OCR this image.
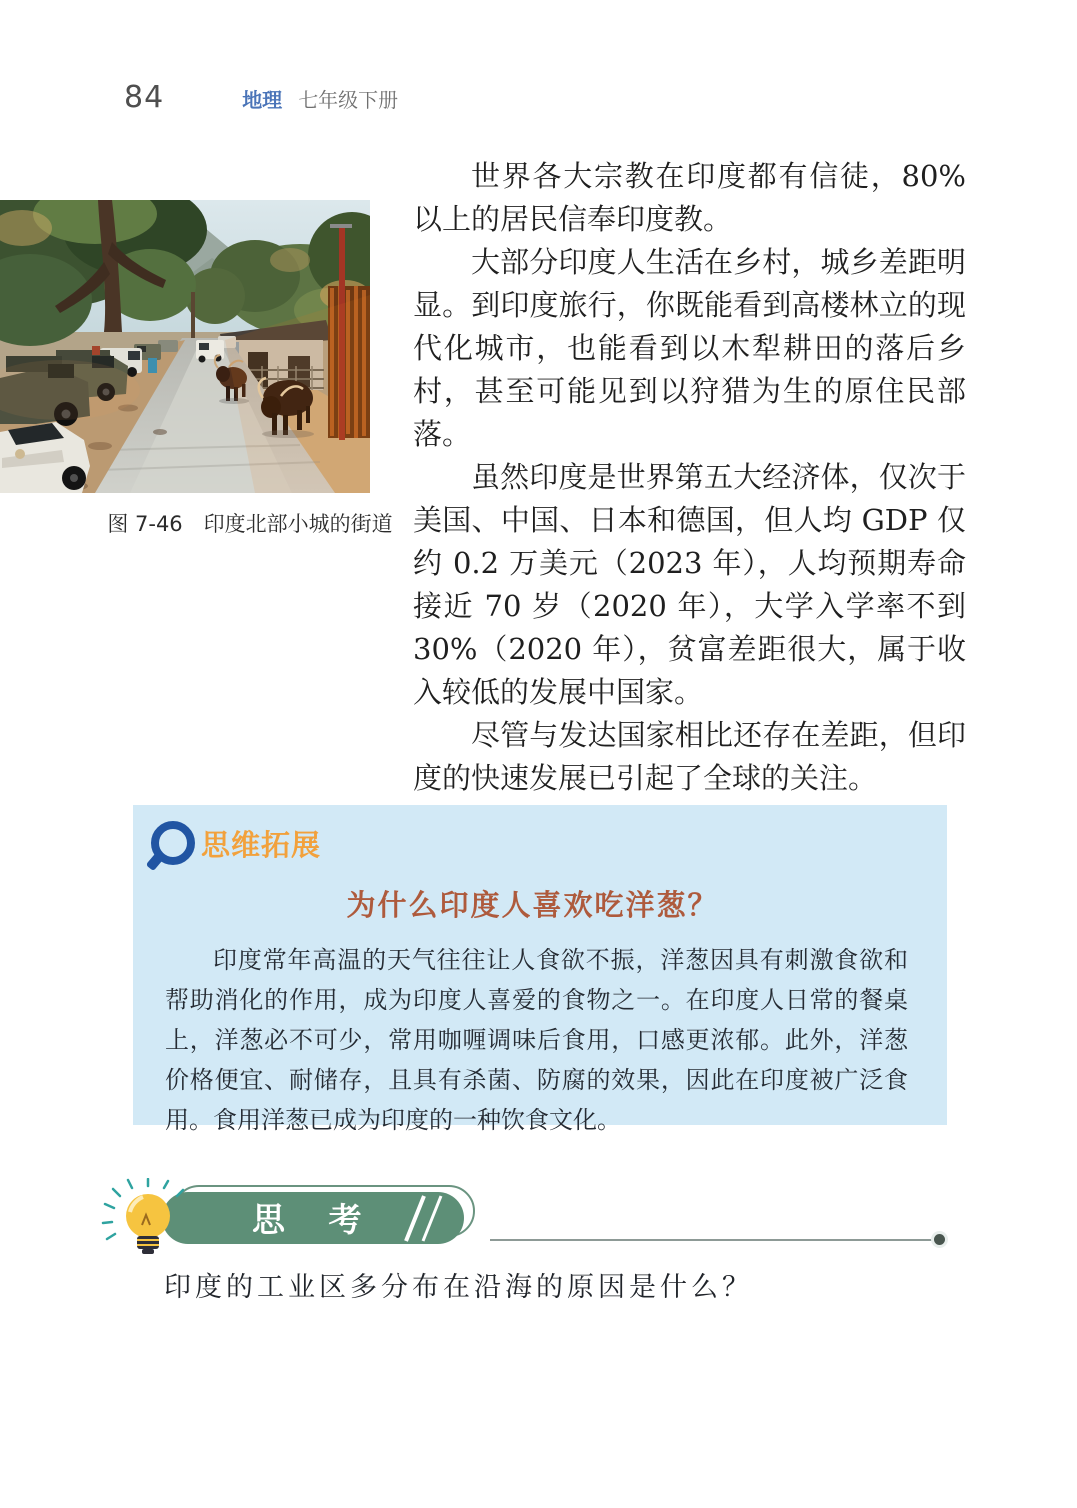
84	地理 七年级下册
图 7-46　印度北部小城的街道

世界各大宗教在印度都有信徒，80% 以上的居民信奉印度教。

大部分印度人生活在乡村，城乡差距明显。到印度旅行，你既能看到高楼林立的现代化城市，也能看到以木犁耕田的落后乡村，甚至可能见到以狩猎为生的原住民部落。

虽然印度是世界第五大经济体，仅次于美国、中国、日本和德国，但人均 GDP 仅约 0.2 万美元（2023 年），人均预期寿命接近 70 岁（2020 年），大学入学率不到 30%（2020 年），贫富差距很大，属于收入较低的发展中国家。

尽管与发达国家相比还存在差距，但印度的快速发展已引起了全球的关注。

思维拓展
为什么印度人喜欢吃洋葱？
印度常年高温的天气往往让人食欲不振，洋葱因具有刺激食欲和帮助消化的作用，成为印度人喜爱的食物之一。在印度人日常的餐桌上，洋葱必不可少，常用咖喱调味后食用，口感更浓郁。此外，洋葱价格便宜、耐储存，且具有杀菌、防腐的效果，因此在印度被广泛食用。食用洋葱已成为印度的一种饮食文化。
思 考
印度的工业区多分布在沿海的原因是什么？
